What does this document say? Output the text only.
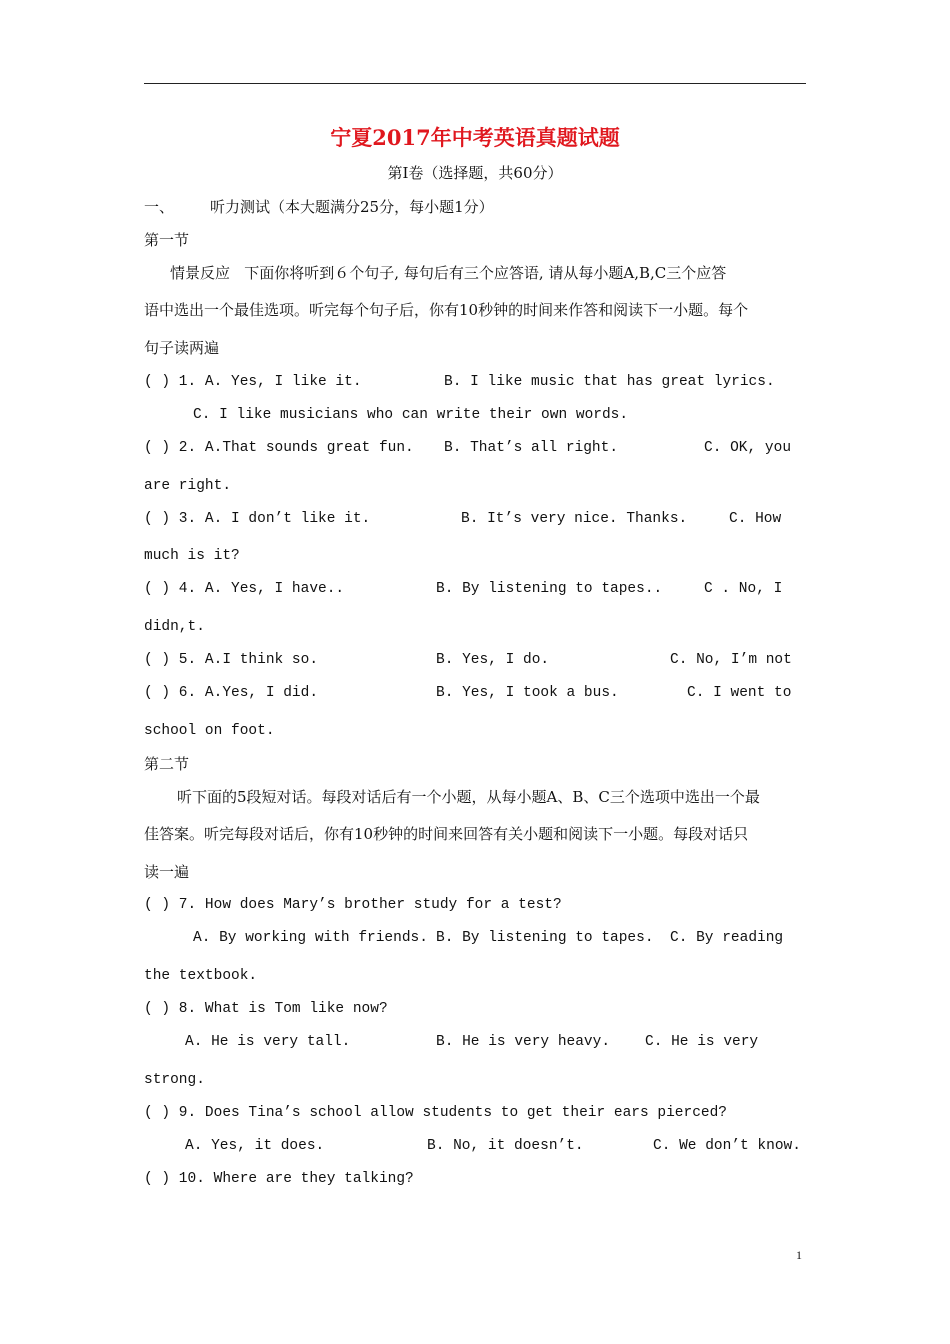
宁夏2017年中考英语真题试题
第Ⅰ卷（选择题，共60分）
一、 听力测试（本大题满分25分，每小题1分）
第一节
情景反应   下面你将听到６个句子, 每句后有三个应答语, 请从每小题A,B,C三个应答
语中选出一个最佳选项。听完每个句子后，你有10秒钟的时间来作答和阅读下一小题。每个
句子读两遍
( ) 1. A. Yes, I like it.	B. I like music that has great lyrics.
C. I like musicians who can write their own words.
( ) 2. A.That sounds great fun. B. That’s all right.	C. OK, you
are right.
( ) 3. A. I don’t like it.	B. It’s very nice. Thanks.	C. How
much is it?
( ) 4. A. Yes, I have..	B. By listening to tapes..	C . No, I
didn,t.
( ) 5. A.I think so.	B. Yes, I do.	C. No, I’m not
( ) 6. A.Yes, I did.	B. Yes, I took a bus.	C. I went to
school on foot.
第二节
听下面的5段短对话。每段对话后有一个小题，从每小题A、B、C三个选项中选出一个最
佳答案。听完每段对话后，你有10秒钟的时间来回答有关小题和阅读下一小题。每段对话只
读一遍
( ) 7. How does Mary’s brother study for a test?
A. By working with friends. B. By listening to tapes. C. By reading
the textbook.
( ) 8. What is Tom like now?
A. He is very tall.	B. He is very heavy. C. He is very
strong.
( ) 9. Does Tina’s school allow students to get their ears pierced?
A. Yes, it does.	B. No, it doesn’t.	C. We don’t know.
( ) 10. Where are they talking?
1
